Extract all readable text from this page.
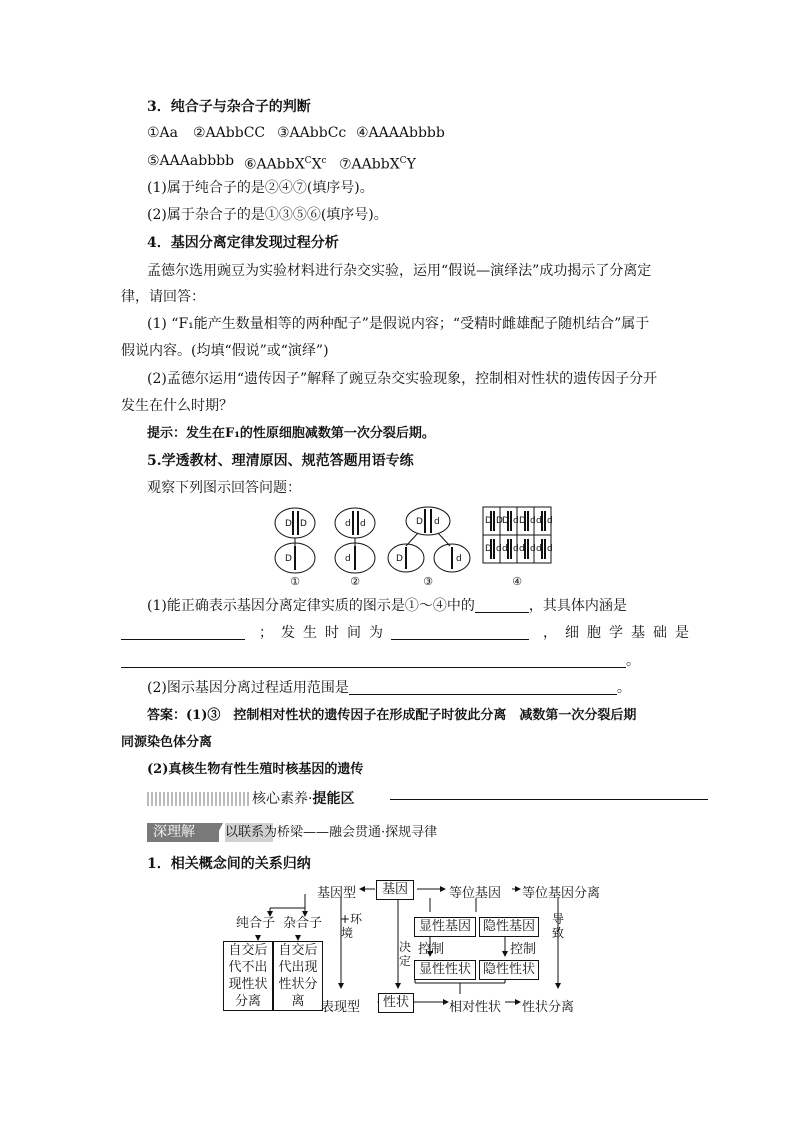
3．纯合子与杂合子的判断
①Aa ②AAbbCC ③AAbbCc ④AAAAbbbb
⑤AAAabbbb $⑥AAbbX^CX^c$ ⑦AAbbX$^C$Y
(1)属于纯合子的是②④⑦(填序号)。
(2)属于杂合子的是①③⑤⑥(填序号)。
4．基因分离定律发现过程分析
孟德尔选用豌豆为实验材料进行杂交实验，运用“假说—演绎法”成功揭示了分离定
律，请回答：
(1) “F₁能产生数量相等的两种配子”是假说内容；“受精时雌雄配子随机结合”属于
假说内容。(均填“假说”或“演绎”)
(2)孟德尔运用“遗传因子”解释了豌豆杂交实验现象，控制相对性状的遗传因子分开
发生在什么时期？
提示：发生在F₁的性原细胞减数第一次分裂后期。
5.学透教材、理清原因、规范答题用语专练
观察下列图示回答问题：
D D
D
d d
d
D d
D	d
D D D d D d d d
D d d d d d d d
①	②	③	④
(1)能正确表示基因分离定律实质的图示是①～④中的	，其具体内涵是
　；发生时间为　	，细胞学基础是
。
(2)图示基因分离过程适用范围是	。
答案：(1)③　控制相对性状的遗传因子在形成配子时彼此分离　减数第一次分裂后期
同源染色体分离
(2)真核生物有性生殖时核基因的遗传
核心素养·提能区
深理解	以联系为桥梁——融会贯通·探规寻律
1．相关概念间的关系归纳
基因型	基因	等位基因 等位基因分离
纯合子 杂合子
自交后代不出现性状分离
自交后代出现性状分离
+环境
决定
显性基因 隐性基因
控制	控制
导致
显性性状 隐性性状
表现型	性状	相对性状 性状分离
